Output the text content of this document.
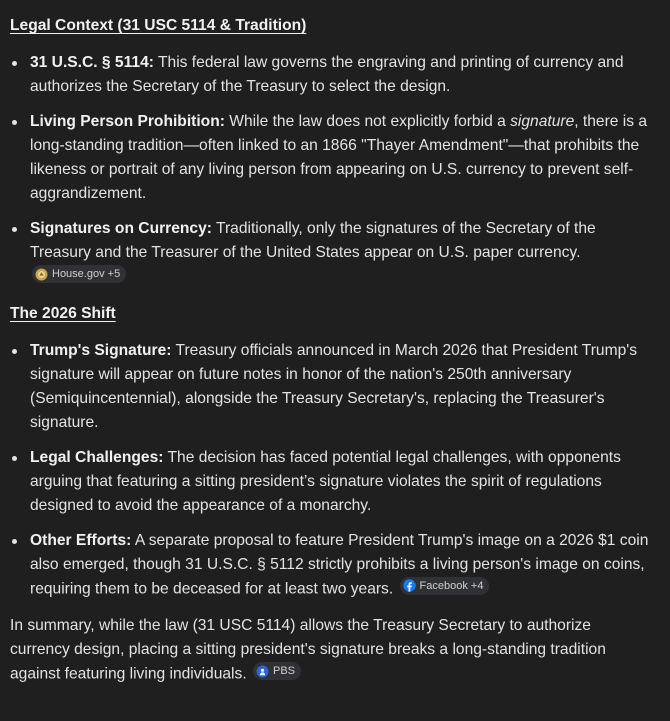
Legal Context (31 USC 5114 & Tradition)
31 U.S.C. § 5114: This federal law governs the engraving and printing of currency and authorizes the Secretary of the Treasury to select the design.
Living Person Prohibition: While the law does not explicitly forbid a signature, there is a long-standing tradition—often linked to an 1866 "Thayer Amendment"—that prohibits the likeness or portrait of any living person from appearing on U.S. currency to prevent self-aggrandizement.
Signatures on Currency: Traditionally, only the signatures of the Secretary of the Treasury and the Treasurer of the United States appear on U.S. paper currency.
House.gov +5
The 2026 Shift
Trump's Signature: Treasury officials announced in March 2026 that President Trump's signature will appear on future notes in honor of the nation's 250th anniversary (Semiquincentennial), alongside the Treasury Secretary's, replacing the Treasurer's signature.
Legal Challenges: The decision has faced potential legal challenges, with opponents arguing that featuring a sitting president’s signature violates the spirit of regulations designed to avoid the appearance of a monarchy.
Other Efforts: A separate proposal to feature President Trump's image on a 2026 $1 coin also emerged, though 31 U.S.C. § 5112 strictly prohibits a living person's image on coins, requiring them to be deceased for at least two years. Facebook +4
In summary, while the law (31 USC 5114) allows the Treasury Secretary to authorize currency design, placing a sitting president's signature breaks a long-standing tradition against featuring living individuals. PBS
